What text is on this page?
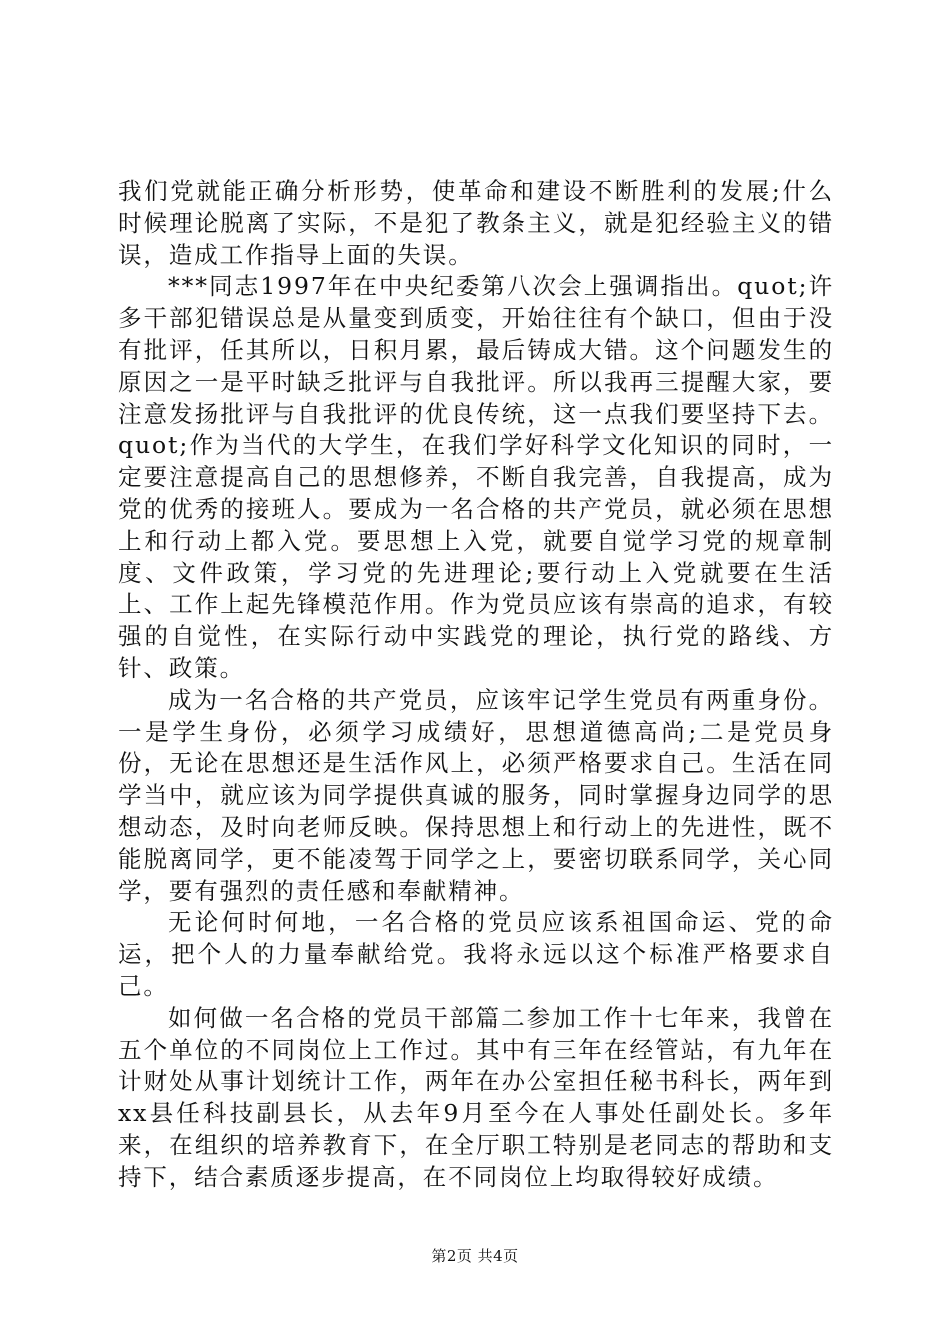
我们党就能正确分析形势，使革命和建设不断胜利的发展;什么时候理论脱离了实际，不是犯了教条主义，就是犯经验主义的错误，造成工作指导上面的失误。

***同志1997年在中央纪委第八次会上强调指出。quot;许多干部犯错误总是从量变到质变，开始往往有个缺口，但由于没有批评，任其所以，日积月累，最后铸成大错。这个问题发生的原因之一是平时缺乏批评与自我批评。所以我再三提醒大家，要注意发扬批评与自我批评的优良传统，这一点我们要坚持下去。quot;作为当代的大学生，在我们学好科学文化知识的同时，一定要注意提高自己的思想修养，不断自我完善，自我提高，成为党的优秀的接班人。要成为一名合格的共产党员，就必须在思想上和行动上都入党。要思想上入党，就要自觉学习党的规章制度、文件政策，学习党的先进理论;要行动上入党就要在生活上、工作上起先锋模范作用。作为党员应该有崇高的追求，有较强的自觉性，在实际行动中实践党的理论，执行党的路线、方针、政策。

成为一名合格的共产党员，应该牢记学生党员有两重身份。一是学生身份，必须学习成绩好，思想道德高尚;二是党员身份，无论在思想还是生活作风上，必须严格要求自己。生活在同学当中，就应该为同学提供真诚的服务，同时掌握身边同学的思想动态，及时向老师反映。保持思想上和行动上的先进性，既不能脱离同学，更不能凌驾于同学之上，要密切联系同学，关心同学，要有强烈的责任感和奉献精神。

无论何时何地，一名合格的党员应该系祖国命运、党的命运，把个人的力量奉献给党。我将永远以这个标准严格要求自己。

如何做一名合格的党员干部篇二参加工作十七年来，我曾在五个单位的不同岗位上工作过。其中有三年在经管站，有九年在计财处从事计划统计工作，两年在办公室担任秘书科长，两年到xx县任科技副县长，从去年9月至今在人事处任副处长。多年来，在组织的培养教育下，在全厅职工特别是老同志的帮助和支持下，结合素质逐步提高，在不同岗位上均取得较好成绩。

第2页 共4页
